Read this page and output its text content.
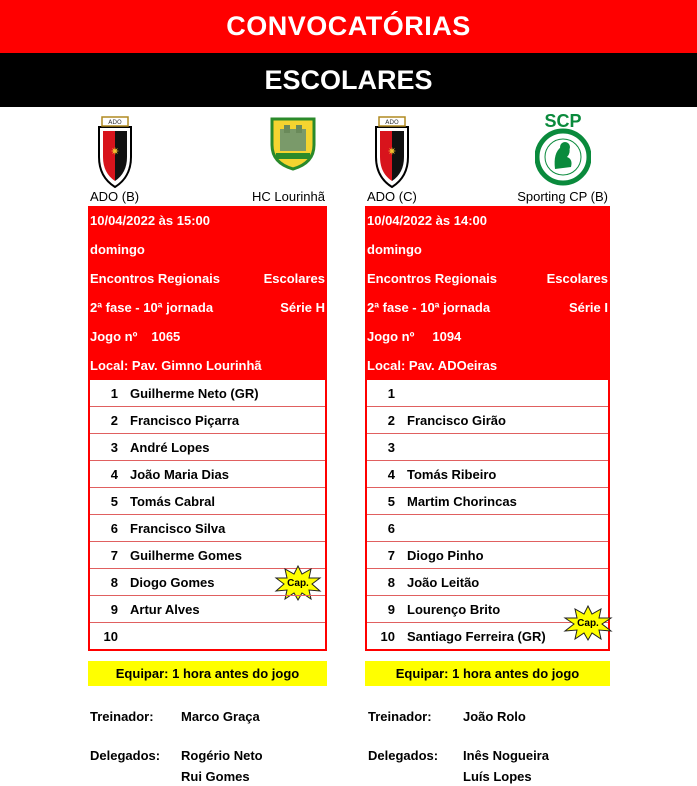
CONVOCATÓRIAS
ESCOLARES
ADO
✷
ADO (B)	HC Lourinhã
10/04/2022 às 15:00
domingo
Encontros Regionais	Escolares
2ª fase - 10ª jornada	Série H
Jogo nº 1065
Local: Pav. Gimno Lourinhã
1 Guilherme Neto (GR)
2 Francisco Piçarra
3 André Lopes
4 João Maria Dias
5 Tomás Cabral
6 Francisco Silva
7 Guilherme Gomes
8 Diogo Gomes	Cap.
9 Artur Alves
10
ADO
✷
SCP
ADO (C)	Sporting CP (B)
10/04/2022 às 14:00
domingo
Encontros Regionais	Escolares
2ª fase - 10ª jornada	Série I
Jogo nº 1094
Local: Pav. ADOeiras
1
2 Francisco Girão
3
4 Tomás Ribeiro
5 Martim Chorincas
6
7 Diogo Pinho
8 João Leitão
9 Lourenço Brito
10 Santiago Ferreira (GR)
Cap.
Equipar: 1 hora antes do jogo	Equipar: 1 hora antes do jogo
Treinador: Marco Graça
Delegados: Rogério Neto
Rui Gomes
Treinador: João Rolo
Delegados: Inês Nogueira
Luís Lopes
